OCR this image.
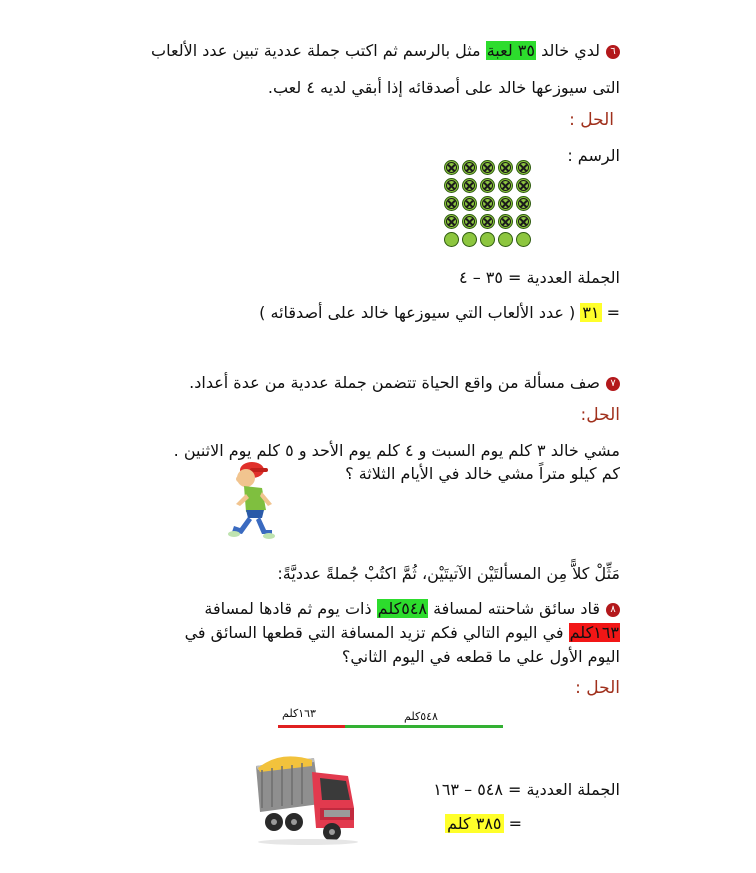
٦لدي خالد ٣٥ لعبة مثل بالرسم ثم اكتب جملة عددية تبين عدد الألعاب
التى سيوزعها خالد على أصدقائه إذا أبقي لديه ٤ لعب.
الحل :
الرسم :
الجملة العددية = ٣٥ – ٤
= ٣١ ( عدد الألعاب التي سيوزعها خالد على أصدقائه )
٧صف مسألة من واقع الحياة تتضمن جملة عددية من عدة أعداد.
الحل:
مشي خالد ٣ كلم يوم السبت و ٤ كلم يوم الأحد و ٥ كلم يوم الاثنين .
كم كيلو متراً مشي خالد في الأيام الثلاثة ؟
مَثِّلْ كلاًّ مِن المسألتَيْن الآتيتَيْن، ثُمَّ اكتُبْ جُملةً عدديَّةً:
٨قاد سائق شاحنته لمسافة ٥٤٨كلم ذات يوم ثم قادها لمسافة
١٦٣كلم في اليوم التالي فكم تزيد المسافة التي قطعها السائق في
اليوم الأول علي ما قطعه في اليوم الثاني؟
الحل :
١٦٣كلم	٥٤٨كلم
الجملة العددية = ٥٤٨ – ١٦٣
= ٣٨٥ كلم
